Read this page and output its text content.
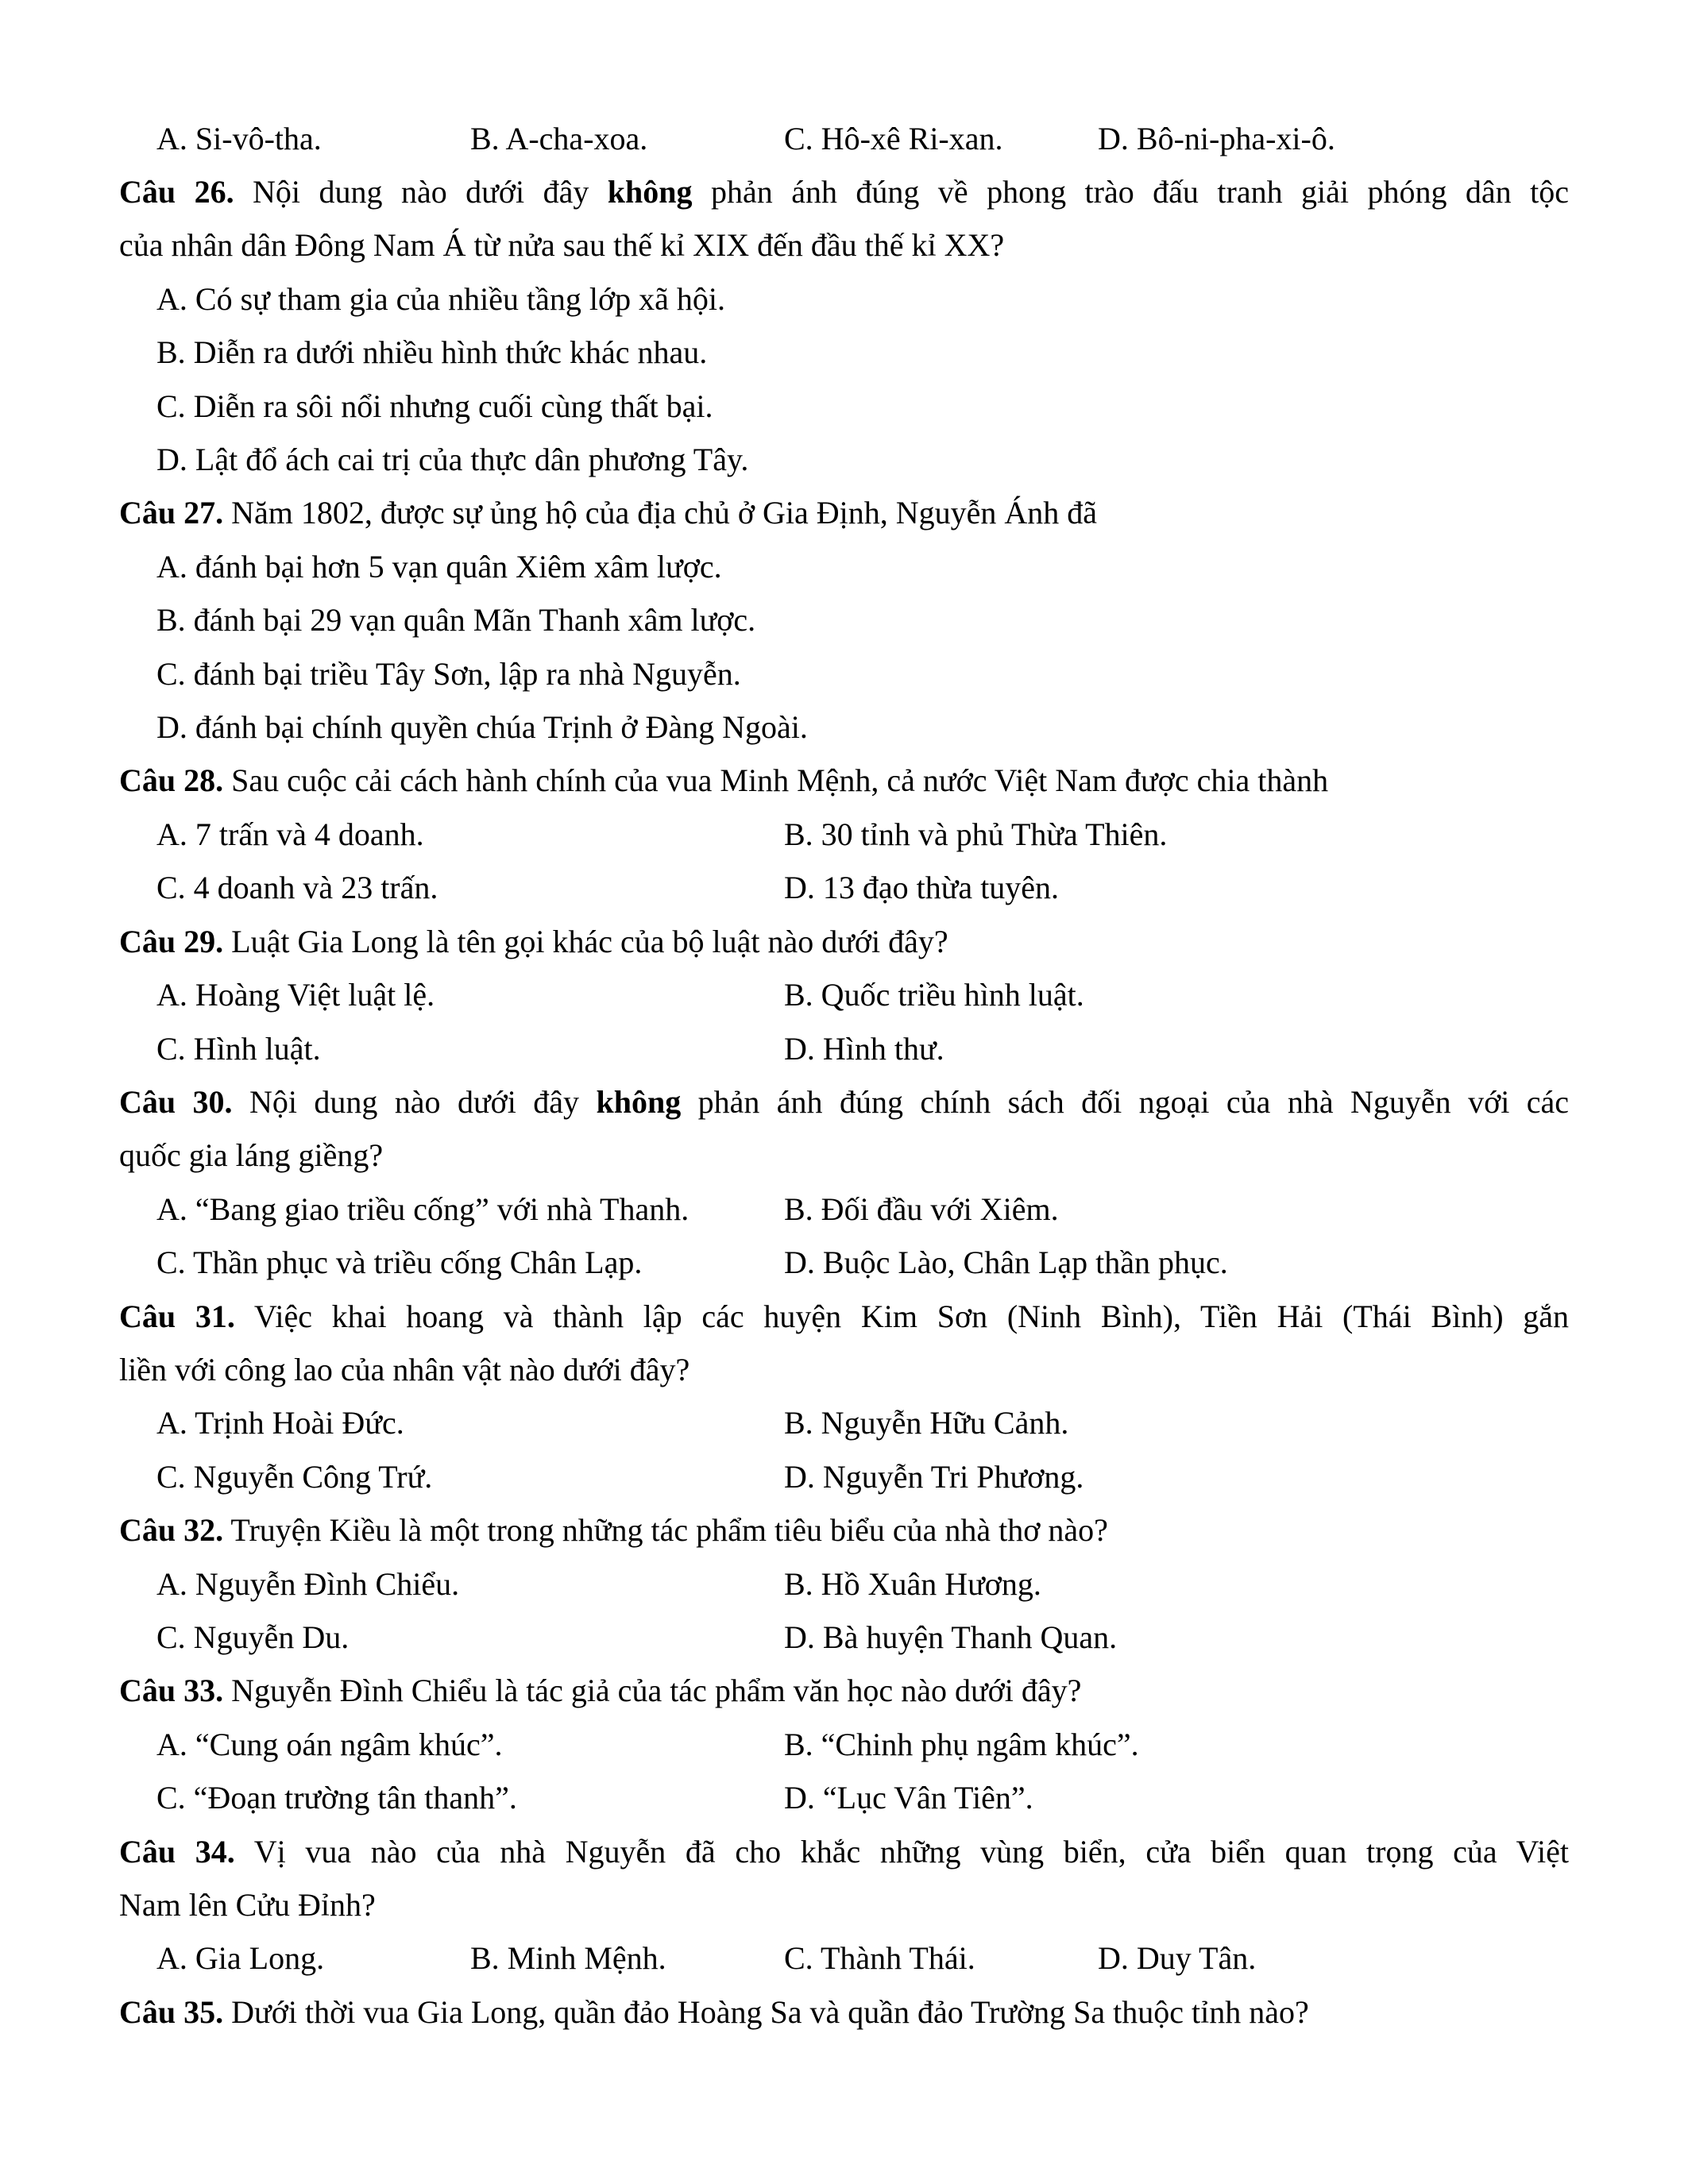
A. Si-vô-tha.	B. A-cha-xoa.	C. Hô-xê Ri-xan.	D. Bô-ni-pha-xi-ô.
Câu 26. Nội dung nào dưới đây không phản ánh đúng về phong trào đấu tranh giải phóng dân tộc
của nhân dân Đông Nam Á từ nửa sau thế kỉ XIX đến đầu thế kỉ XX?
A. Có sự tham gia của nhiều tầng lớp xã hội.
B. Diễn ra dưới nhiều hình thức khác nhau.
C. Diễn ra sôi nổi nhưng cuối cùng thất bại.
D. Lật đổ ách cai trị của thực dân phương Tây.
Câu 27. Năm 1802, được sự ủng hộ của địa chủ ở Gia Định, Nguyễn Ánh đã
A. đánh bại hơn 5 vạn quân Xiêm xâm lược.
B. đánh bại 29 vạn quân Mãn Thanh xâm lược.
C. đánh bại triều Tây Sơn, lập ra nhà Nguyễn.
D. đánh bại chính quyền chúa Trịnh ở Đàng Ngoài.
Câu 28. Sau cuộc cải cách hành chính của vua Minh Mệnh, cả nước Việt Nam được chia thành
A. 7 trấn và 4 doanh.	B. 30 tỉnh và phủ Thừa Thiên.
C. 4 doanh và 23 trấn.	D. 13 đạo thừa tuyên.
Câu 29. Luật Gia Long là tên gọi khác của bộ luật nào dưới đây?
A. Hoàng Việt luật lệ.	B. Quốc triều hình luật.
C. Hình luật.	D. Hình thư.
Câu 30. Nội dung nào dưới đây không phản ánh đúng chính sách đối ngoại của nhà Nguyễn với các
quốc gia láng giềng?
A. “Bang giao triều cống” với nhà Thanh.	B. Đối đầu với Xiêm.
C. Thần phục và triều cống Chân Lạp.	D. Buộc Lào, Chân Lạp thần phục.
Câu 31. Việc khai hoang và thành lập các huyện Kim Sơn (Ninh Bình), Tiền Hải (Thái Bình) gắn
liền với công lao của nhân vật nào dưới đây?
A. Trịnh Hoài Đức.	B. Nguyễn Hữu Cảnh.
C. Nguyễn Công Trứ.	D. Nguyễn Tri Phương.
Câu 32. Truyện Kiều là một trong những tác phẩm tiêu biểu của nhà thơ nào?
A. Nguyễn Đình Chiểu.	B. Hồ Xuân Hương.
C. Nguyễn Du.	D. Bà huyện Thanh Quan.
Câu 33. Nguyễn Đình Chiểu là tác giả của tác phẩm văn học nào dưới đây?
A. “Cung oán ngâm khúc”.	B. “Chinh phụ ngâm khúc”.
C. “Đoạn trường tân thanh”.	D. “Lục Vân Tiên”.
Câu 34. Vị vua nào của nhà Nguyễn đã cho khắc những vùng biển, cửa biển quan trọng của Việt
Nam lên Cửu Đỉnh?
A. Gia Long.	B. Minh Mệnh.	C. Thành Thái.	D. Duy Tân.
Câu 35. Dưới thời vua Gia Long, quần đảo Hoàng Sa và quần đảo Trường Sa thuộc tỉnh nào?
